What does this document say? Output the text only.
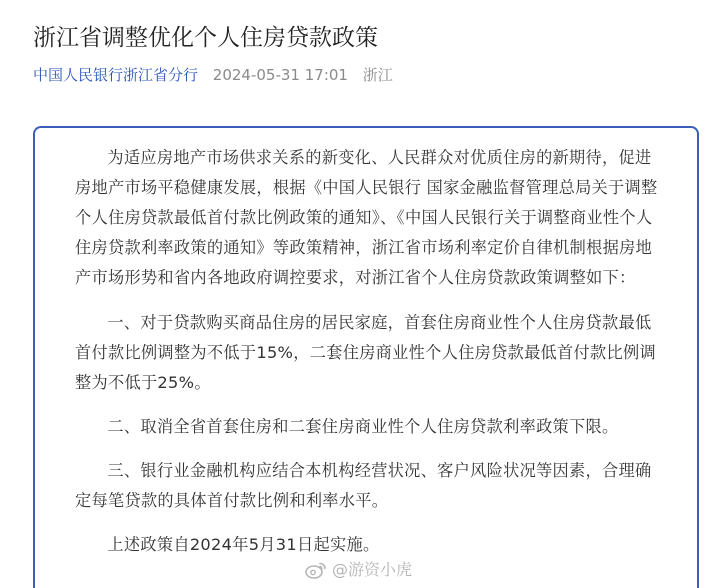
浙江省调整优化个人住房贷款政策
中国人民银行浙江省分行 2024-05-31 17:01 浙江

为适应房地产市场供求关系的新变化、人民群众对优质住房的新期待，促进房地产市场平稳健康发展，根据《中国人民银行 国家金融监督管理总局关于调整个人住房贷款最低首付款比例政策的通知》、《中国人民银行关于调整商业性个人住房贷款利率政策的通知》等政策精神，浙江省市场利率定价自律机制根据房地产市场形势和省内各地政府调控要求，对浙江省个人住房贷款政策调整如下：

一、对于贷款购买商品住房的居民家庭，首套住房商业性个人住房贷款最低首付款比例调整为不低于15%，二套住房商业性个人住房贷款最低首付款比例调整为不低于25%。

二、取消全省首套住房和二套住房商业性个人住房贷款利率政策下限。

三、银行业金融机构应结合本机构经营状况、客户风险状况等因素，合理确定每笔贷款的具体首付款比例和利率水平。

上述政策自2024年5月31日起实施。

@游资小虎
